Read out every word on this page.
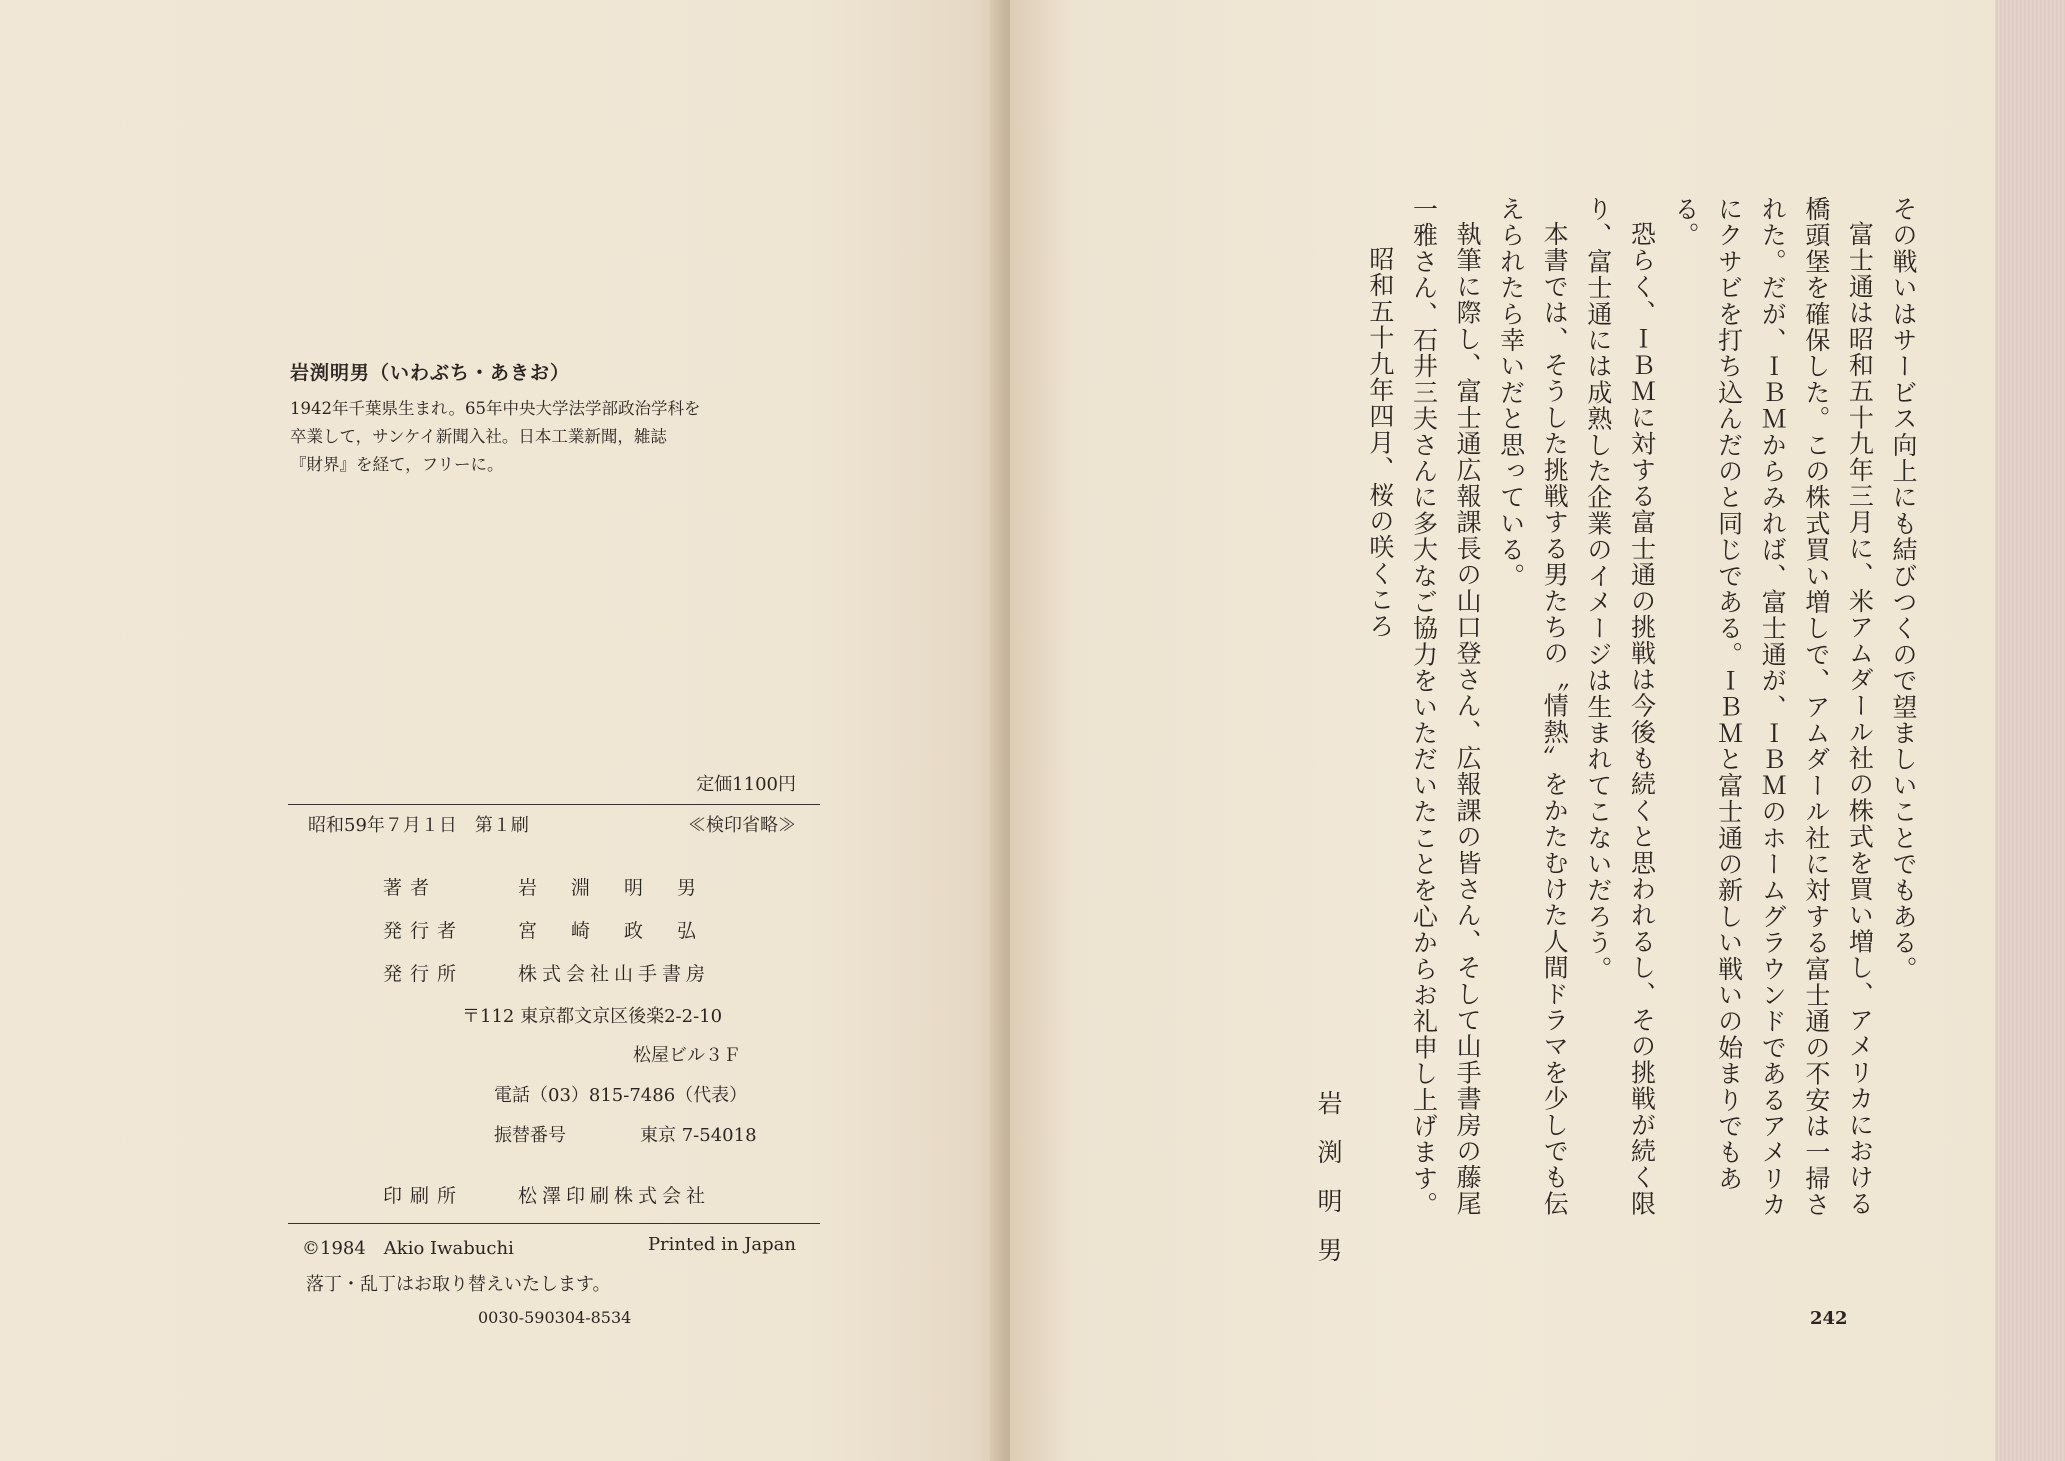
岩渕明男（いわぶち・あきお）

1942年千葉県生まれ。65年中央大学法学部政治学科を
卒業して，サンケイ新聞入社。日本工業新聞，雑誌
『財界』を経て，フリーに。

定価1100円
昭和59年７月１日　第１刷	≪検印省略≫
著者	岩淵明男
発行者	宮崎政弘
発行所	株式会社山手書房
〒112 東京都文京区後楽2-2-10
松屋ビル３Ｆ
電話（03）815-7486（代表）
振替番号	東京 7-54018
印刷所	松澤印刷株式会社
©1984　Akio Iwabuchi	Printed in Japan
落丁・乱丁はお取り替えいたします。
0030-590304-8534

その戦いはサービス向上にも結びつくので望ましいことでもある。

富士通は昭和五十九年三月に、米アムダール社の株式を買い増し、アメリカにおける橋頭堡を確保した。この株式買い増しで、アムダール社に対する富士通の不安は一掃された。だが、ＩＢＭからみれば、富士通が、ＩＢＭのホームグラウンドであるアメリカにクサビを打ち込んだのと同じである。ＩＢＭと富士通の新しい戦いの始まりでもある。

恐らく、ＩＢＭに対する富士通の挑戦は今後も続くと思われるし、その挑戦が続く限り、富士通には成熟した企業のイメージは生まれてこないだろう。

本書では、そうした挑戦する男たちの〝情熱〟をかたむけた人間ドラマを少しでも伝えられたら幸いだと思っている。

執筆に際し、富士通広報課長の山口登さん、広報課の皆さん、そして山手書房の藤尾一雅さん、石井三夫さんに多大なご協力をいただいたことを心からお礼申し上げます。

昭和五十九年四月、桜の咲くころ

岩渕明男
242
